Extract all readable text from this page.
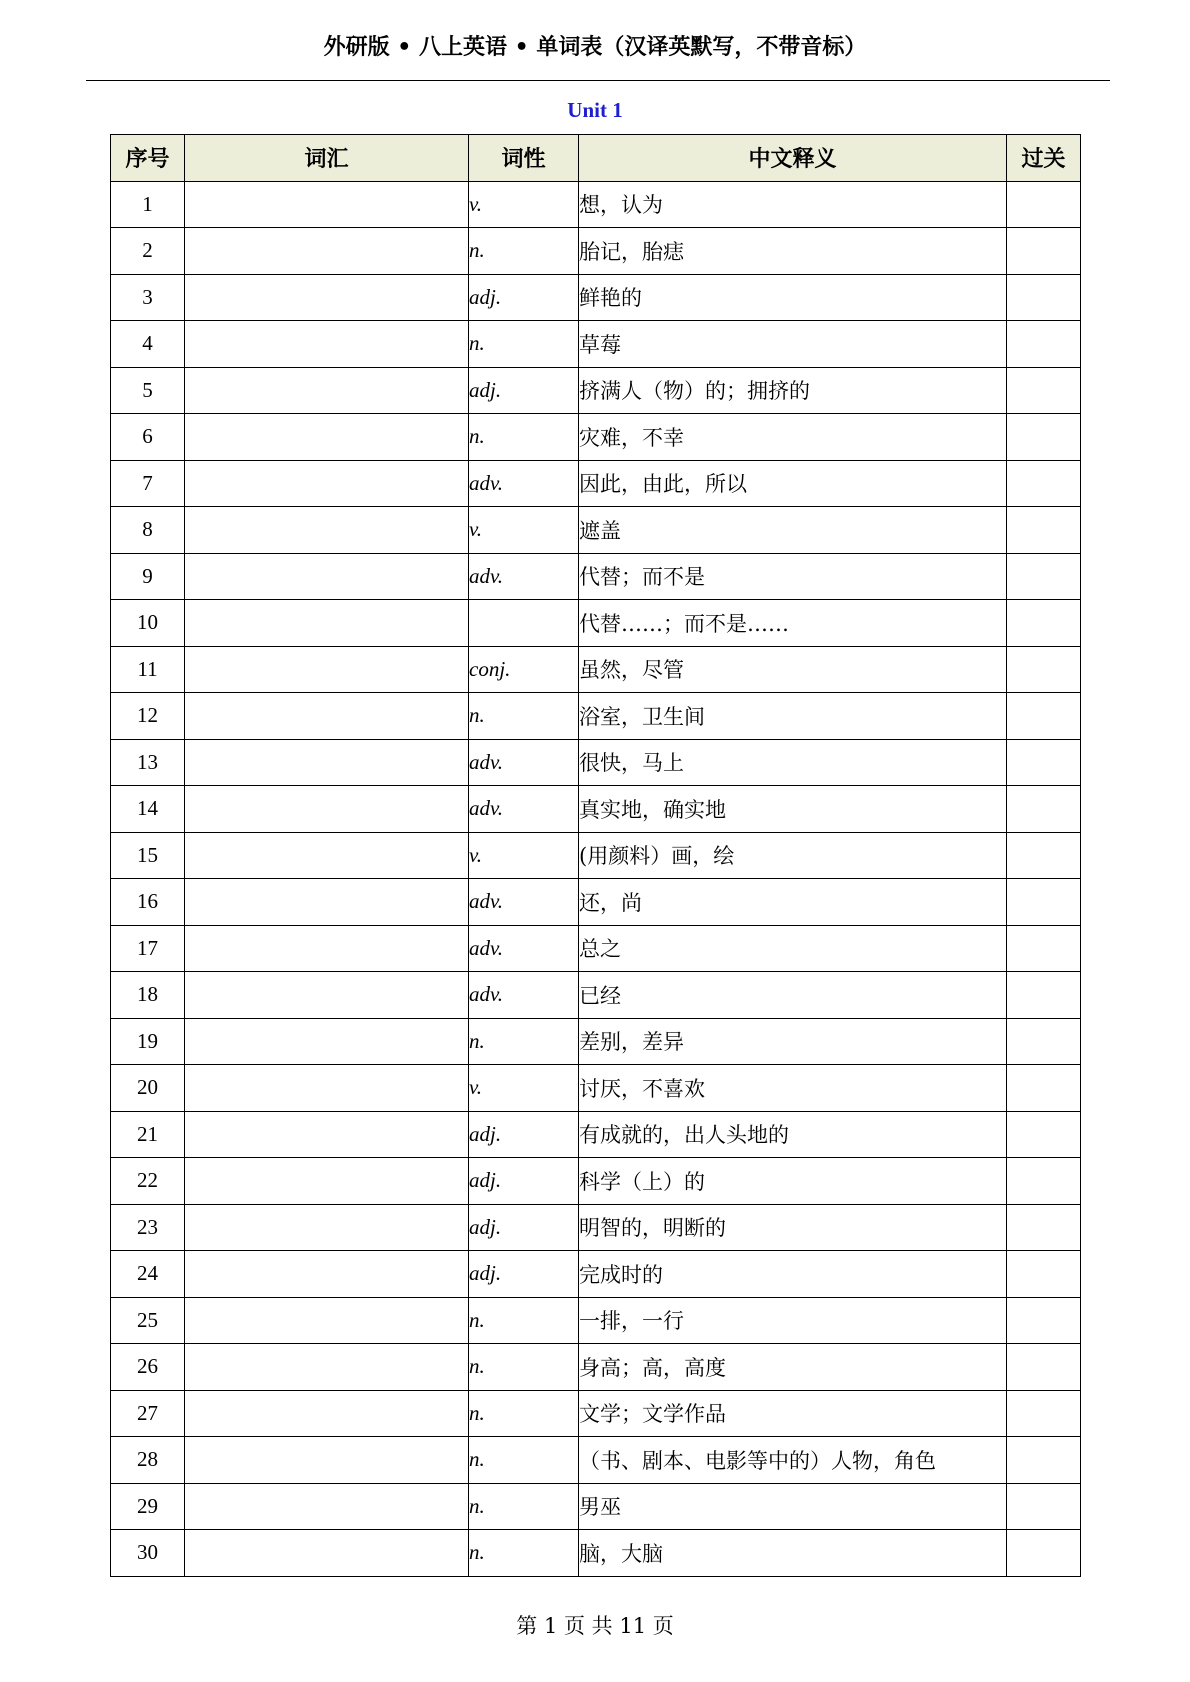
外研版 • 八上英语 • 单词表（汉译英默写，不带音标）
Unit 1
序号	词汇	词性	中文释义	过关
1		v.	想，认为	
2		n.	胎记，胎痣	
3		adj.	鲜艳的	
4		n.	草莓	
5		adj.	挤满人（物）的；拥挤的	
6		n.	灾难，不幸	
7		adv.	因此，由此，所以	
8		v.	遮盖	
9		adv.	代替；而不是	
10			代替……；而不是……	
11		conj.	虽然，尽管	
12		n.	浴室，卫生间	
13		adv.	很快，马上	
14		adv.	真实地，确实地	
15		v.	(用颜料）画，绘	
16		adv.	还，尚	
17		adv.	总之	
18		adv.	已经	
19		n.	差别，差异	
20		v.	讨厌，不喜欢	
21		adj.	有成就的，出人头地的	
22		adj.	科学（上）的	
23		adj.	明智的，明断的	
24		adj.	完成时的	
25		n.	一排，一行	
26		n.	身高；高，高度	
27		n.	文学；文学作品	
28		n.	（书、剧本、电影等中的）人物，角色	
29		n.	男巫	
30		n.	脑，大脑	
第 1 页 共 11 页
